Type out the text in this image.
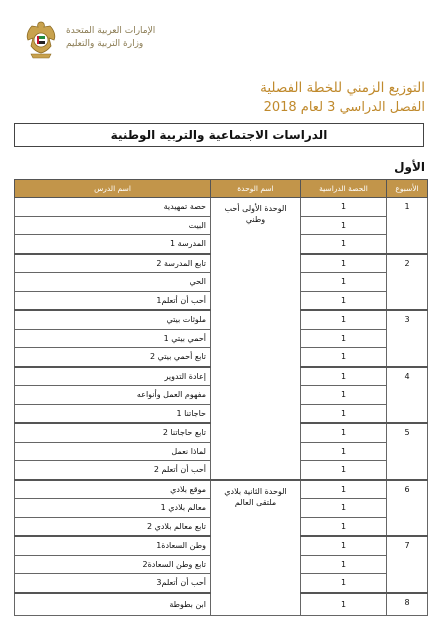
الإمارات العربية المتحدة
وزارة التربية والتعليم
التوزيع الزمني للخطة الفصلية
الفصل الدراسي 3 لعام 2018
الدراسات الاجتماعية والتربية الوطنية
الأول
الأسبوع	الحصة الدراسية	اسم الوحدة	اسم الدرس
1	1	الوحدة الأولى أحب وطني	حصة تمهيدية
	1		البيت
	1		المدرسة 1
2	1		تابع المدرسة 2
	1		الحي
	1		أحب أن أتعلم1
3	1		ملوثات بيتي
	1		أحمي بيتي 1
	1		تابع أحمي بيتي 2
4	1		إعادة التدوير
	1		مفهوم العمل وأنواعه
	1		حاجاتنا 1
5	1		تابع حاجاتنا 2
	1		لماذا نعمل
	1		أحب أن أتعلم 2
6	1	الوحدة الثانية بلادي ملتقى العالم	موقع بلادي
	1		معالم بلادي 1
	1		تابع معالم بلادي 2
7	1		وطن السعادة1
	1		تابع وطن السعادة2
	1		أحب أن أتعلم3
8	1		ابن بطوطة
